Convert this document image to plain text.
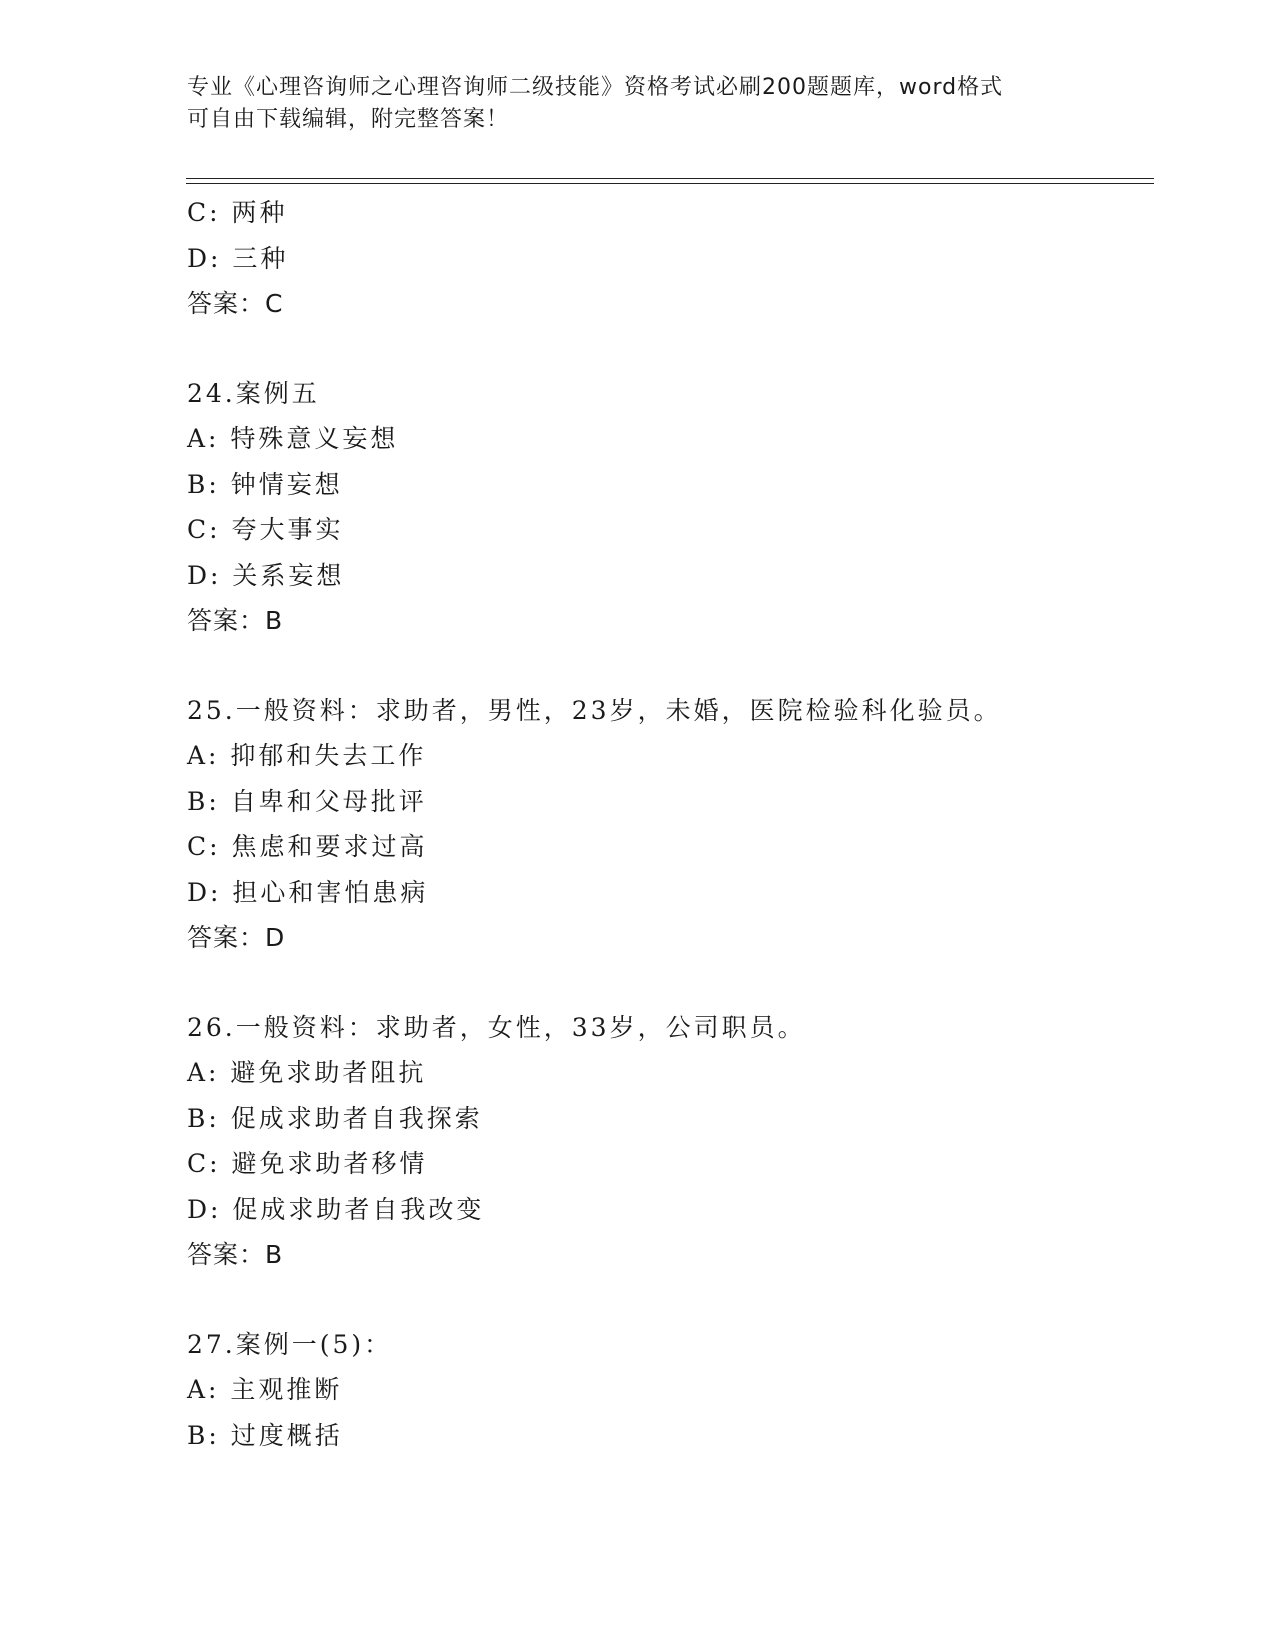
专业《心理咨询师之心理咨询师二级技能》资格考试必刷200题题库，word格式
可自由下载编辑，附完整答案！
C: 两种
D: 三种
答案：C
24.案例五
A: 特殊意义妄想
B: 钟情妄想
C: 夸大事实
D: 关系妄想
答案：B
25.一般资料：求助者，男性，23岁，未婚，医院检验科化验员。
A: 抑郁和失去工作
B: 自卑和父母批评
C: 焦虑和要求过高
D: 担心和害怕患病
答案：D
26.一般资料：求助者，女性，33岁，公司职员。
A: 避免求助者阻抗
B: 促成求助者自我探索
C: 避免求助者移情
D: 促成求助者自我改变
答案：B
27.案例一(5)：
A: 主观推断
B: 过度概括
